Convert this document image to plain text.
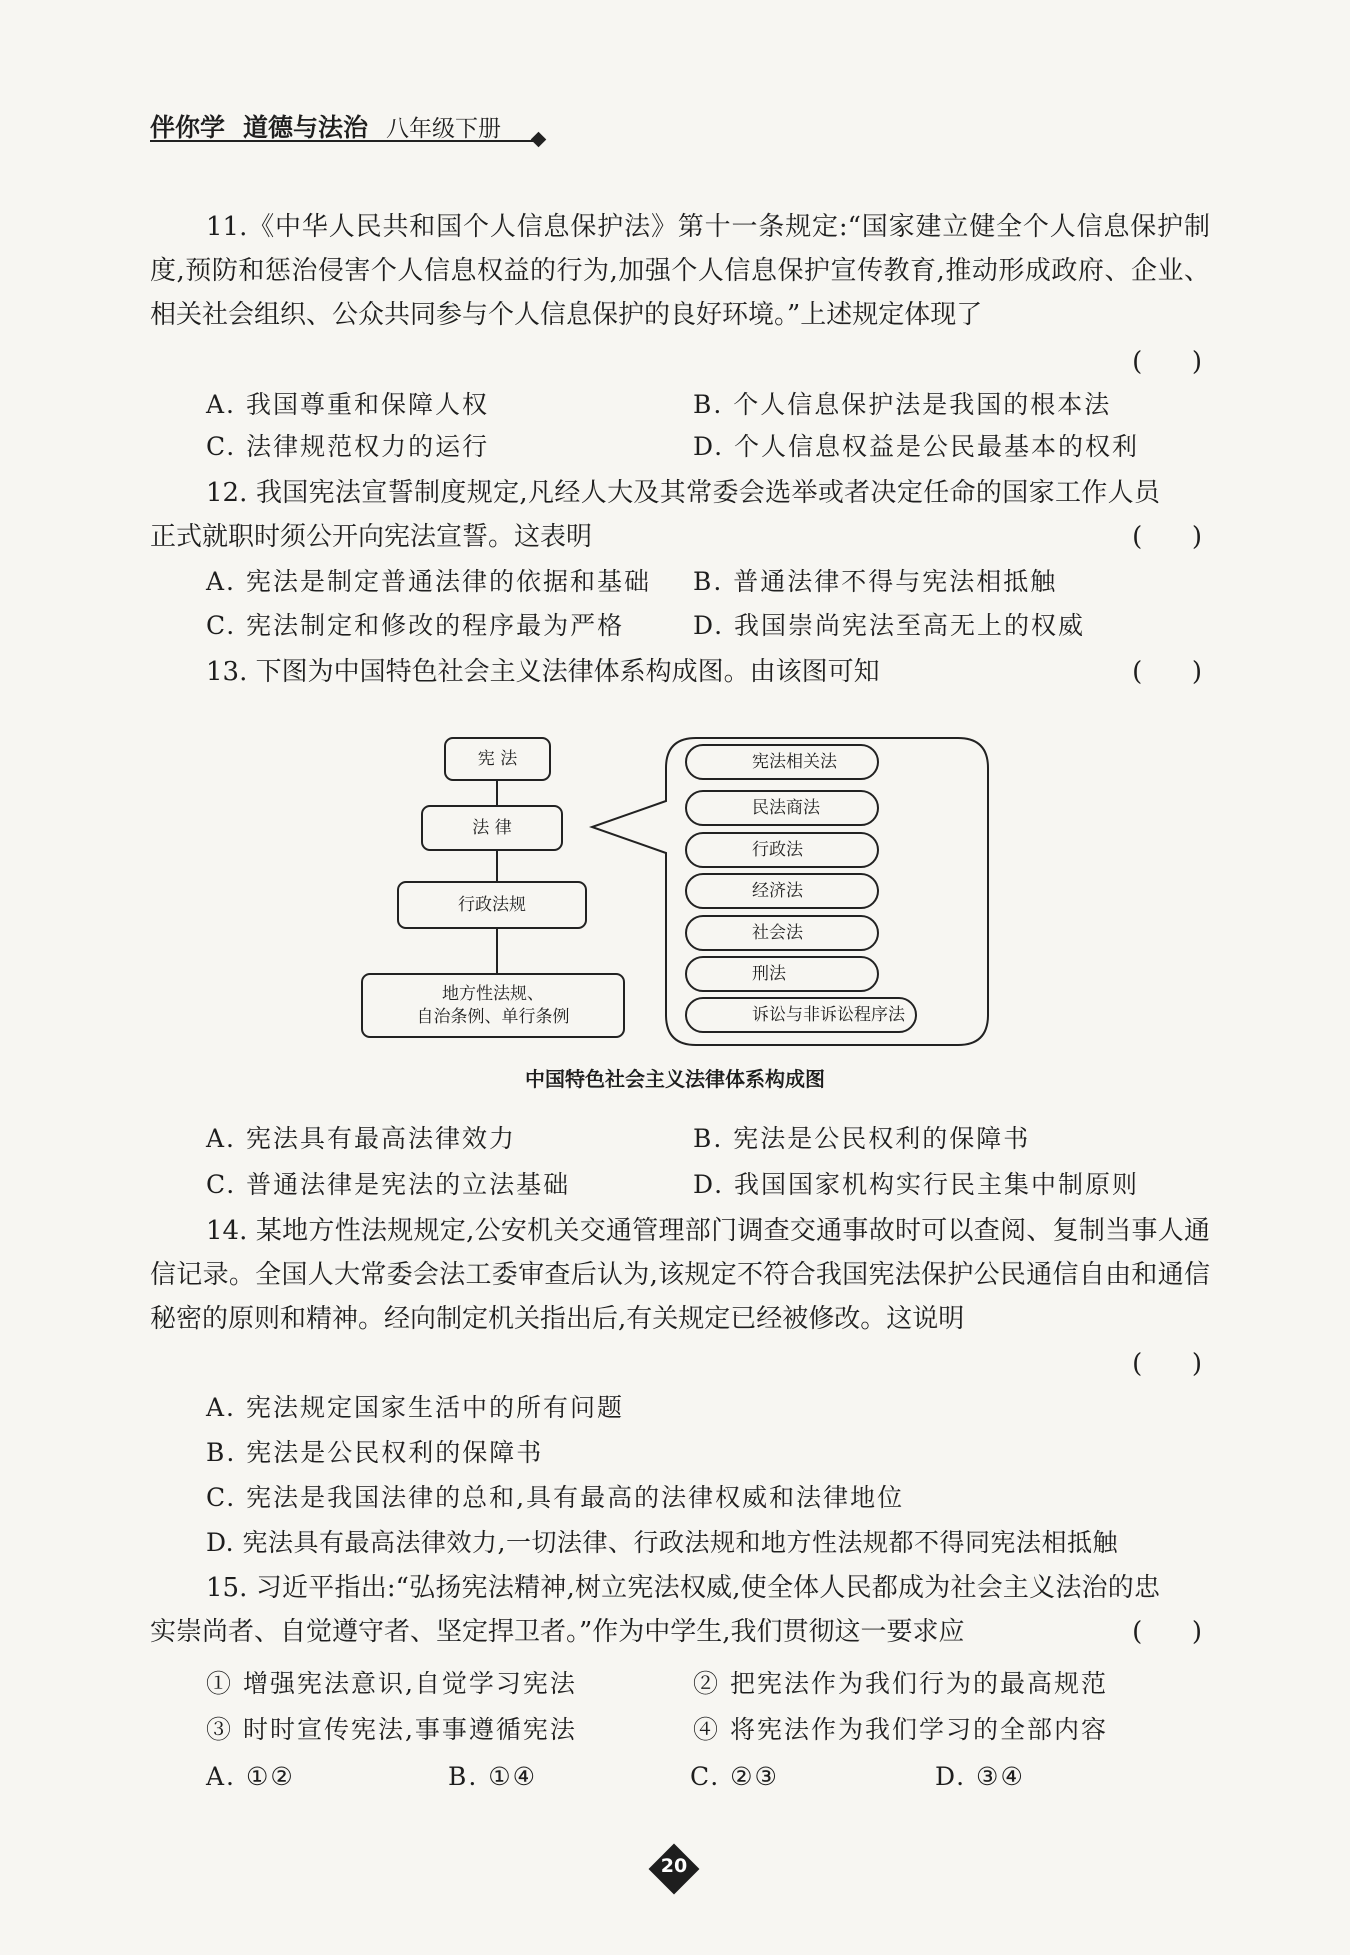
伴你学 道德与法治 八年级下册
11.《中华人民共和国个人信息保护法》第十一条规定:“国家建立健全个人信息保护制度,预防和惩治侵害个人信息权益的行为,加强个人信息保护宣传教育,推动形成政府、企业、相关社会组织、公众共同参与个人信息保护的良好环境。”上述规定体现了
(      )
A. 我国尊重和保障人权	B. 个人信息保护法是我国的根本法
C. 法律规范权力的运行	D. 个人信息权益是公民最基本的权利
12. 我国宪法宣誓制度规定,凡经人大及其常委会选举或者决定任命的国家工作人员正式就职时须公开向宪法宣誓。这表明	(      )
A. 宪法是制定普通法律的依据和基础 B. 普通法律不得与宪法相抵触
C. 宪法制定和修改的程序最为严格	D. 我国崇尚宪法至高无上的权威
13. 下图为中国特色社会主义法律体系构成图。由该图可知	(      )
宪 法
法 律
行政法规
地方性法规、
自治条例、单行条例
宪法相关法
民法商法
行政法
经济法
社会法
刑法
诉讼与非诉讼程序法
中国特色社会主义法律体系构成图
A. 宪法具有最高法律效力	B. 宪法是公民权利的保障书
C. 普通法律是宪法的立法基础	D. 我国国家机构实行民主集中制原则
14. 某地方性法规规定,公安机关交通管理部门调查交通事故时可以查阅、复制当事人通信记录。全国人大常委会法工委审查后认为,该规定不符合我国宪法保护公民通信自由和通信秘密的原则和精神。经向制定机关指出后,有关规定已经被修改。这说明
(      )
A. 宪法规定国家生活中的所有问题
B. 宪法是公民权利的保障书
C. 宪法是我国法律的总和,具有最高的法律权威和法律地位
D. 宪法具有最高法律效力,一切法律、行政法规和地方性法规都不得同宪法相抵触
15. 习近平指出:“弘扬宪法精神,树立宪法权威,使全体人民都成为社会主义法治的忠实崇尚者、自觉遵守者、坚定捍卫者。”作为中学生,我们贯彻这一要求应	(      )
① 增强宪法意识,自觉学习宪法	② 把宪法作为我们行为的最高规范
③ 时时宣传宪法,事事遵循宪法	④ 将宪法作为我们学习的全部内容
A. ①②	B. ①④	C. ②③	D. ③④
20
